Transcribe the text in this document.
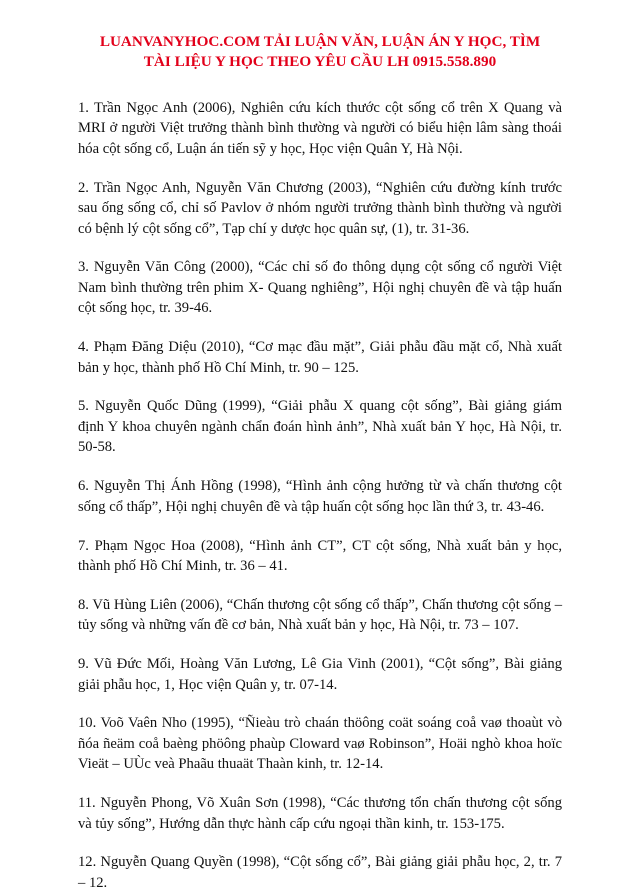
LUANVANYHOC.COM TẢI LUẬN VĂN, LUẬN ÁN Y HỌC, TÌM
TÀI LIỆU Y HỌC THEO YÊU CẦU LH 0915.558.890

1. Trần Ngọc Anh (2006), Nghiên cứu kích thước cột sống cổ trên X Quang và MRI ở người Việt trưởng thành bình thường và người có biểu hiện lâm sàng thoái hóa cột sống cổ, Luận án tiến sỹ y học, Học viện Quân Y, Hà Nội.

2. Trần Ngọc Anh, Nguyễn Văn Chương (2003), “Nghiên cứu đường kính trước sau ống sống cổ, chỉ số Pavlov ở nhóm người trưởng thành bình thường và người có bệnh lý cột sống cổ”, Tạp chí y dược học quân sự, (1), tr. 31-36.

3. Nguyễn Văn Công (2000), “Các chỉ số đo thông dụng cột sống cổ người Việt Nam bình thường trên phim X- Quang nghiêng”, Hội nghị chuyên đề và tập huấn cột sống học, tr. 39-46.

4. Phạm Đăng Diệu (2010), “Cơ mạc đầu mặt”, Giải phẫu đầu mặt cổ, Nhà xuất bản y học, thành phố Hồ Chí Minh, tr. 90 – 125.

5. Nguyễn Quốc Dũng (1999), “Giải phẫu X quang cột sống”, Bài giảng giám định Y khoa chuyên ngành chẩn đoán hình ảnh”, Nhà xuất bản Y học, Hà Nội, tr. 50-58.

6. Nguyễn Thị Ánh Hồng (1998), “Hình ảnh cộng hưởng từ và chấn thương cột sống cổ thấp”, Hội nghị chuyên đề và tập huấn cột sống học lần thứ 3, tr. 43-46.

7. Phạm Ngọc Hoa (2008), “Hình ảnh CT”, CT cột sống, Nhà xuất bản y học, thành phố Hồ Chí Minh, tr. 36 – 41.

8. Vũ Hùng Liên (2006), “Chấn thương cột sống cổ thấp”, Chấn thương cột sống – tủy sống và những vấn đề cơ bản, Nhà xuất bản y học, Hà Nội, tr. 73 – 107.

9. Vũ Đức Mối, Hoàng Văn Lương, Lê Gia Vinh (2001), “Cột sống”, Bài giảng giải phẫu học, 1, Học viện Quân y, tr. 07-14.

10. Voõ Vaên Nho (1995), “Ñieàu trò chaán thöông coät soáng coå vaø thoaùt vò ñóa ñeäm coå baèng phöông phaùp Cloward vaø Robinson”, Hoäi nghò khoa hoïc Vieät – UÙc veà Phaãu thuaät Thaàn kinh, tr. 12-14.

11. Nguyễn Phong, Võ Xuân Sơn (1998), “Các thương tổn chấn thương cột sống và tủy sống”, Hướng dẫn thực hành cấp cứu ngoại thần kinh, tr. 153-175.

12. Nguyễn Quang Quyền (1998), “Cột sống cổ”, Bài giảng giải phẫu học, 2, tr. 7 – 12.
